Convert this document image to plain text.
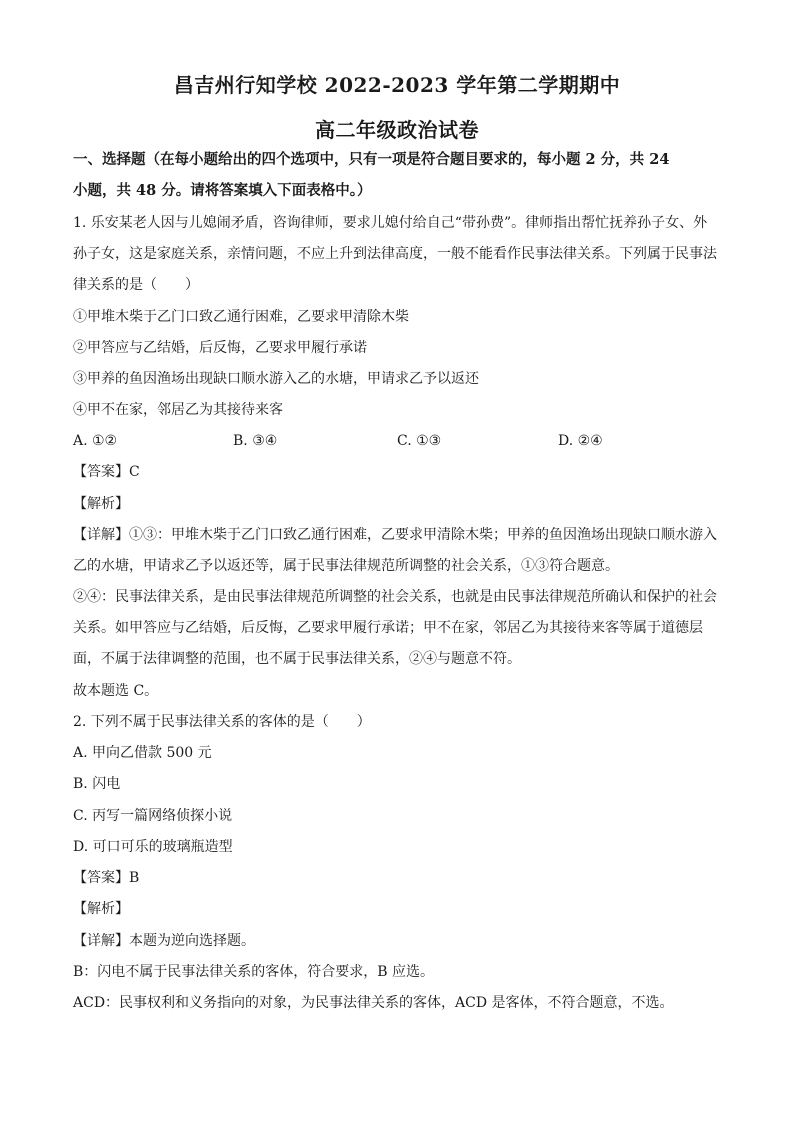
昌吉州行知学校 2022-2023 学年第二学期期中
高二年级政治试卷
一、选择题（在每小题给出的四个选项中，只有一项是符合题目要求的，每小题 2 分，共 24
小题，共 48 分。请将答案填入下面表格中。）
1. 乐安某老人因与儿媳闹矛盾，咨询律师，要求儿媳付给自己“带孙费”。律师指出帮忙抚养孙子女、外
孙子女，这是家庭关系，亲情问题，不应上升到法律高度，一般不能看作民事法律关系。下列属于民事法
律关系的是（　　）
①甲堆木柴于乙门口致乙通行困难，乙要求甲清除木柴
②甲答应与乙结婚，后反悔，乙要求甲履行承诺
③甲养的鱼因渔场出现缺口顺水游入乙的水塘，甲请求乙予以返还
④甲不在家，邻居乙为其接待来客
A. ①②	B. ③④	C. ①③	D. ②④
【答案】C
【解析】
【详解】①③：甲堆木柴于乙门口致乙通行困难，乙要求甲清除木柴；甲养的鱼因渔场出现缺口顺水游入
乙的水塘，甲请求乙予以返还等，属于民事法律规范所调整的社会关系，①③符合题意。
②④：民事法律关系，是由民事法律规范所调整的社会关系，也就是由民事法律规范所确认和保护的社会
关系。如甲答应与乙结婚，后反悔，乙要求甲履行承诺；甲不在家，邻居乙为其接待来客等属于道德层
面，不属于法律调整的范围，也不属于民事法律关系，②④与题意不符。
故本题选 C。
2. 下列不属于民事法律关系的客体的是（　　）
A. 甲向乙借款 500 元
B. 闪电
C. 丙写一篇网络侦探小说
D. 可口可乐的玻璃瓶造型
【答案】B
【解析】
【详解】本题为逆向选择题。
B：闪电不属于民事法律关系的客体，符合要求，B 应选。
ACD：民事权利和义务指向的对象，为民事法律关系的客体，ACD 是客体，不符合题意，不选。
